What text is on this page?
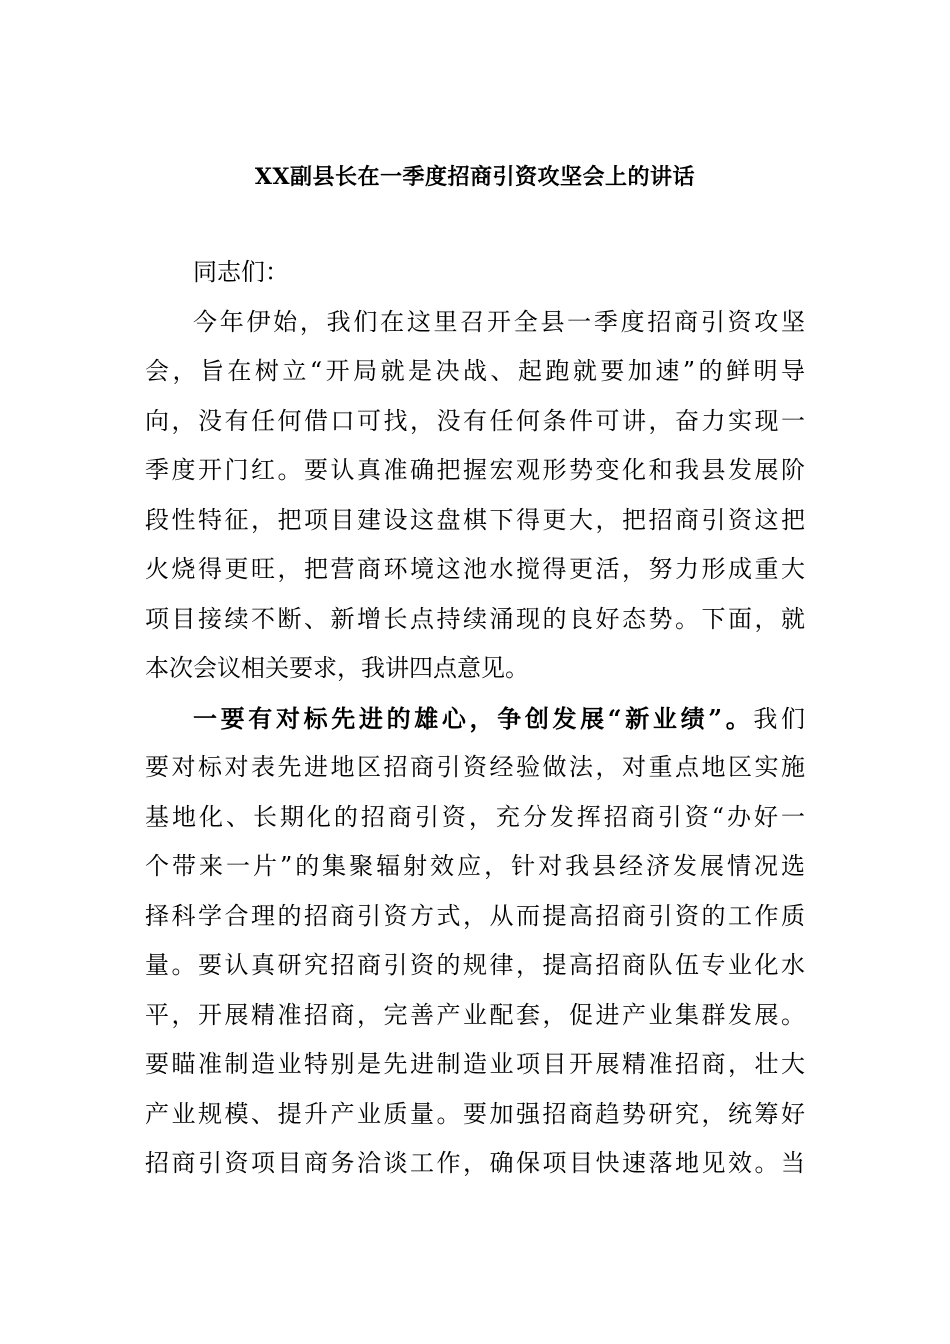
XX副县长在一季度招商引资攻坚会上的讲话
同志们：
今年伊始，我们在这里召开全县一季度招商引资攻坚
会，旨在树立“开局就是决战、起跑就要加速”的鲜明导
向，没有任何借口可找，没有任何条件可讲，奋力实现一
季度开门红。要认真准确把握宏观形势变化和我县发展阶
段性特征，把项目建设这盘棋下得更大，把招商引资这把
火烧得更旺，把营商环境这池水搅得更活，努力形成重大
项目接续不断、新增长点持续涌现的良好态势。下面，就
本次会议相关要求，我讲四点意见。
一要有对标先进的雄心，争创发展“新业绩”。我们
要对标对表先进地区招商引资经验做法，对重点地区实施
基地化、长期化的招商引资，充分发挥招商引资“办好一
个带来一片”的集聚辐射效应，针对我县经济发展情况选
择科学合理的招商引资方式，从而提高招商引资的工作质
量。要认真研究招商引资的规律，提高招商队伍专业化水
平，开展精准招商，完善产业配套，促进产业集群发展。
要瞄准制造业特别是先进制造业项目开展精准招商，壮大
产业规模、提升产业质量。要加强招商趋势研究，统筹好
招商引资项目商务洽谈工作，确保项目快速落地见效。当
